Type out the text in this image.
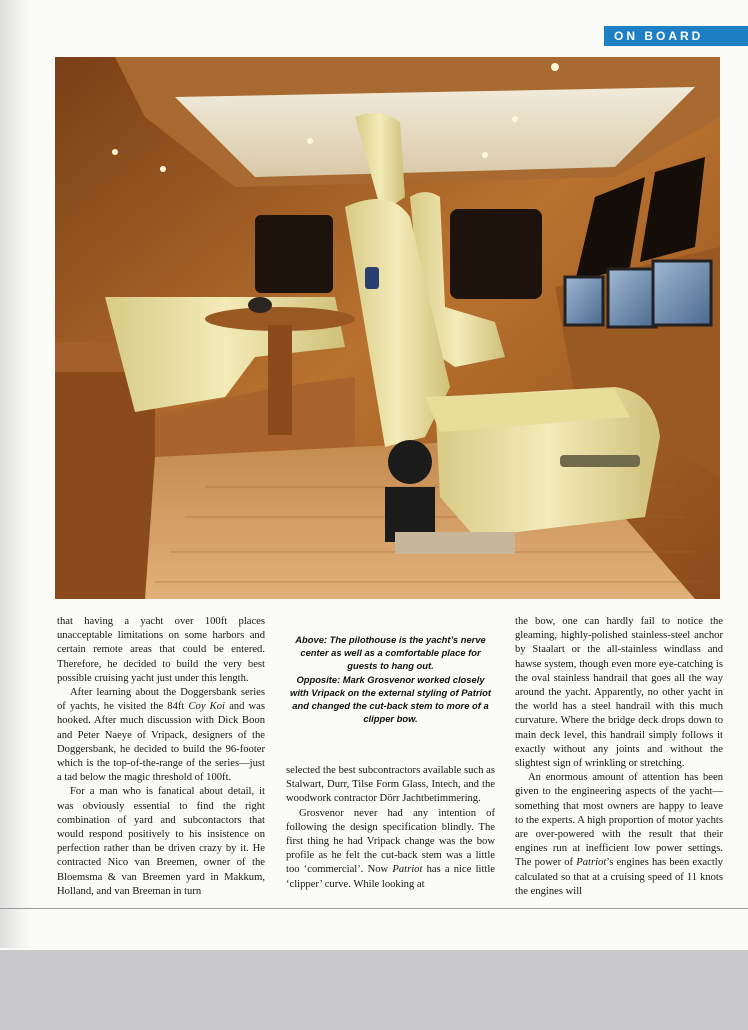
ON BOARD

that having a yacht over 100ft places unacceptable limitations on some harbors and certain remote areas that could be entered. Therefore, he decided to build the very best possible cruising yacht just under this length.

After learning about the Doggersbank series of yachts, he visited the 84ft Coy Koi and was hooked. After much discussion with Dick Boon and Peter Naeye of Vripack, designers of the Doggersbank, he decided to build the 96-footer which is the top-of-the-range of the series—just a tad below the magic threshold of 100ft.

For a man who is fanatical about detail, it was obviously essential to find the right combination of yard and subcontactors that would respond positively to his insistence on perfection rather than be driven crazy by it. He contracted Nico van Breemen, owner of the Bloemsma & van Breemen yard in Makkum, Holland, and van Breeman in turn

Above: The pilothouse is the yacht’s nerve center as well as a comfortable place for guests to hang out.

Opposite: Mark Grosvenor worked closely with Vripack on the external styling of Patriot and changed the cut-back stem to more of a clipper bow.

selected the best subcontractors available such as Stalwart, Durr, Tilse Form Glass, Intech, and the woodwork contractor Dörr Jachtbetimmering.

Grosvenor never had any intention of following the design specification blindly. The first thing he had Vripack change was the bow profile as he felt the cut-back stem was a little too ‘commercial’. Now Patriot has a nice little ‘clipper’ curve. While looking at

the bow, one can hardly fail to notice the gleaming, highly-polished stainless-steel anchor by Staalart or the all-stainless windlass and hawse system, though even more eye-catching is the oval stainless handrail that goes all the way around the yacht. Apparently, no other yacht in the world has a steel handrail with this much curvature. Where the bridge deck drops down to main deck level, this handrail simply follows it exactly without any joints and without the slightest sign of wrinkling or stretching.

An enormous amount of attention has been given to the engineering aspects of the yacht—something that most owners are happy to leave to the experts. A high proportion of motor yachts are over-powered with the result that their engines run at inefficient low power settings. The power of Patriot’s engines has been exactly calculated so that at a cruising speed of 11 knots the engines will
